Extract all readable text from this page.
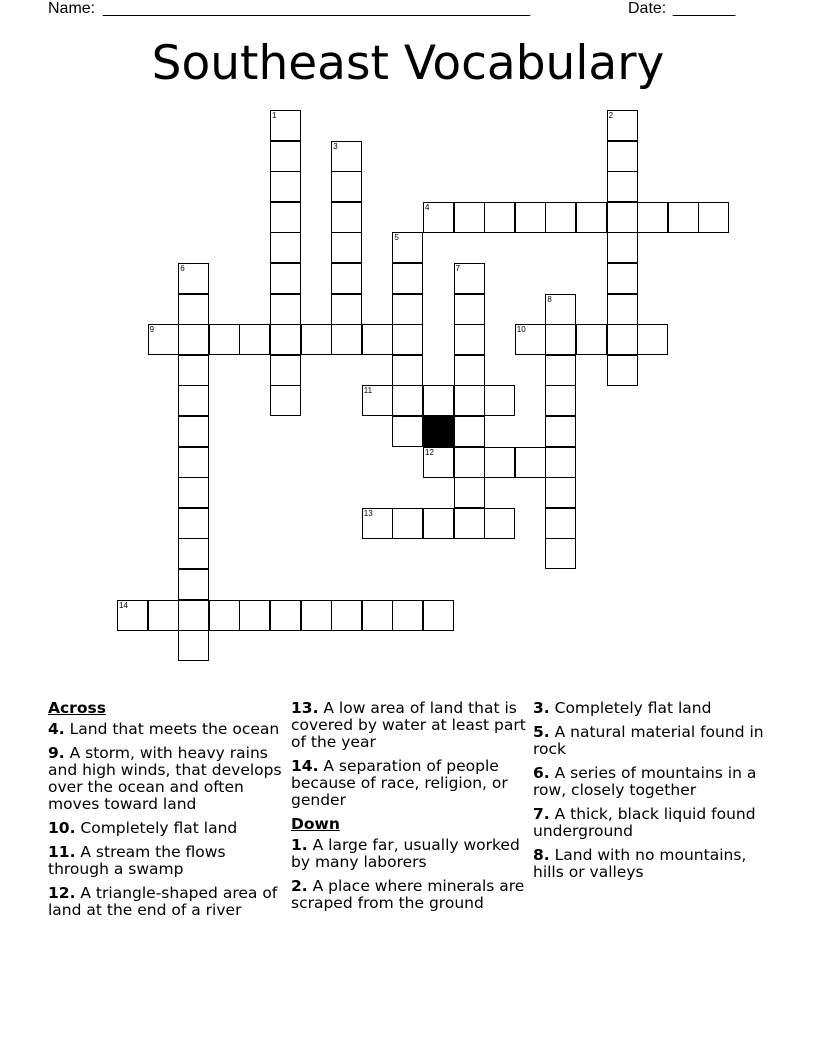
Name: ________________________________________________	Date: _______
Southeast Vocabulary
1	2
3
4
5
6	7
8
9	10
11
12
13
14
Across
4. Land that meets the ocean
9. A storm, with heavy rains and high winds, that develops over the ocean and often moves toward land
10. Completely flat land
11. A stream the flows through a swamp
12. A triangle-shaped area of land at the end of a river
13. A low area of land that is covered by water at least part of the year
14. A separation of people because of race, religion, or gender
Down
1. A large far, usually worked by many laborers
2. A place where minerals are scraped from the ground
3. Completely flat land
5. A natural material found in rock
6. A series of mountains in a row, closely together
7. A thick, black liquid found underground
8. Land with no mountains, hills or valleys
